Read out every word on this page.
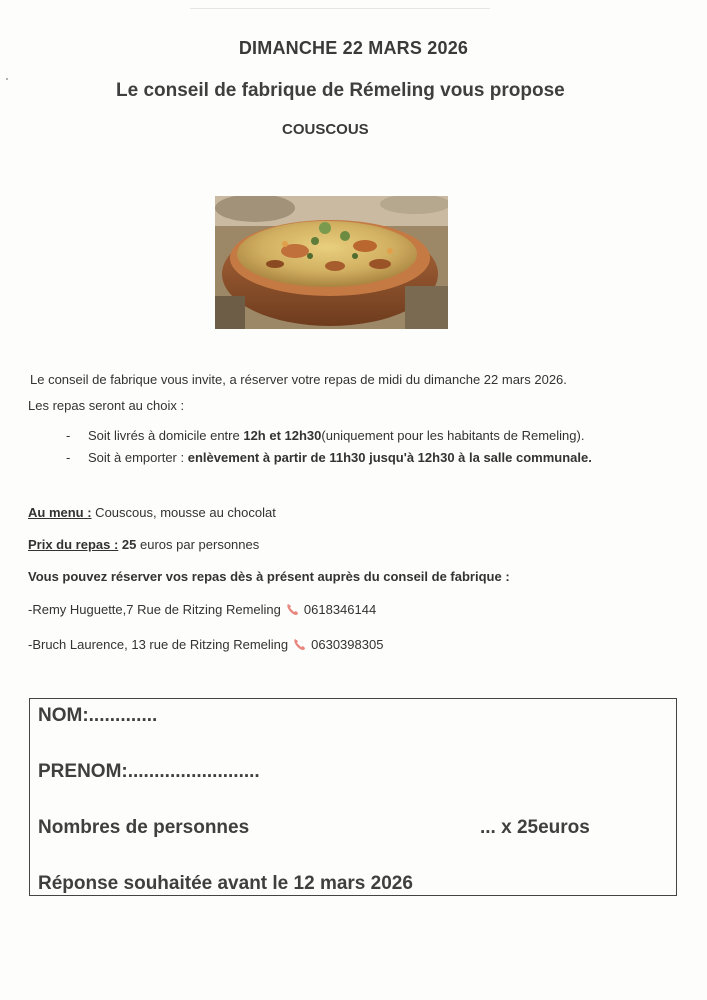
DIMANCHE 22 MARS 2026
Le conseil de fabrique de Rémeling vous propose
COUSCOUS
Le conseil de fabrique vous invite, a réserver votre repas de midi du dimanche 22 mars 2026.
Les repas seront au choix :
- Soit livrés à domicile entre 12h et 12h30(uniquement pour les habitants de Remeling).
- Soit à emporter : enlèvement à partir de 11h30 jusqu'à 12h30 à la salle communale.
Au menu : Couscous, mousse au chocolat
Prix du repas : 25 euros par personnes
Vous pouvez réserver vos repas dès à présent auprès du conseil de fabrique :
-Remy Huguette,7 Rue de Ritzing Remeling 0618346144
-Bruch Laurence, 13 rue de Ritzing Remeling 0630398305
NOM:.............
PRENOM:.........................
Nombres de personnes	... x 25euros
Réponse souhaitée avant le 12 mars 2026
